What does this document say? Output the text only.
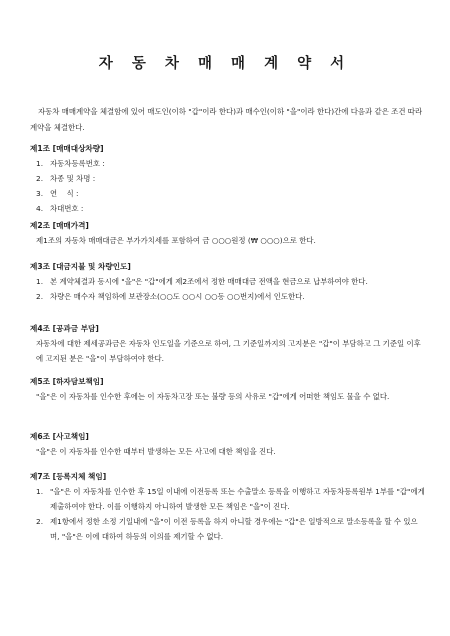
자 동 차 매 매 계 약 서
자동차 매매계약을 체결함에 있어 매도인(이하 "갑"이라 한다)과 매수인(이하 "을"이라 한다)간에 다음과 같은 조건 따라 계약을 체결한다.
제1조 [매매대상차량]
1. 자동차등록번호 :
2. 차종 및 차명 :
3. 연    식 :
4. 차대번호 :
제2조 [매매가격]
제1조의 자동차 매매대금은 부가가치세를 포함하여 금 ○○○원정 (₩ ○○○)으로 한다.
제3조 [대금지불 및 차량인도]
1. 본 계약체결과 동시에 "을"은 "갑"에게 제2조에서 정한 매매대금 전액을 현금으로 납부하여야 한다.
2. 차량은 매수자 책임하에 보관장소(○○도 ○○시 ○○동 ○○번지)에서 인도한다.
제4조 [공과금 부담]
자동차에 대한 제세공과금은 자동차 인도일을 기준으로 하여, 그 기준일까지의 고지분은 "갑"이 부담하고 그 기준일 이후에 고지된 분은 "을"이 부담하여야 한다.
제5조 [하자담보책임]
"을"은 이 자동차를 인수한 후에는 이 자동차고장 또는 불량 등의 사유로 "갑"에게 어떠한 책임도 물을 수 없다.
제6조 [사고책임]
"을"은 이 자동차를 인수한 때부터 발생하는 모든 사고에 대한 책임을 진다.
제7조 [등록지체 책임]
1. "을"은 이 자동차를 인수한 후 15일 이내에 이전등록 또는 수출말소 등록을 이행하고 자동차등록원부 1부를 "갑"에게 제출하여야 한다. 이를 이행하지 아니하여 발생한 모든 책임은 "을"이 진다.
2. 제1항에서 정한 소정 기일내에 "을"이 이전 등록을 하지 아니할 경우에는 "갑"은 일방적으로 말소등록을 할 수 있으며, "을"은 이에 대하여 하등의 이의를 제기할 수 없다.
